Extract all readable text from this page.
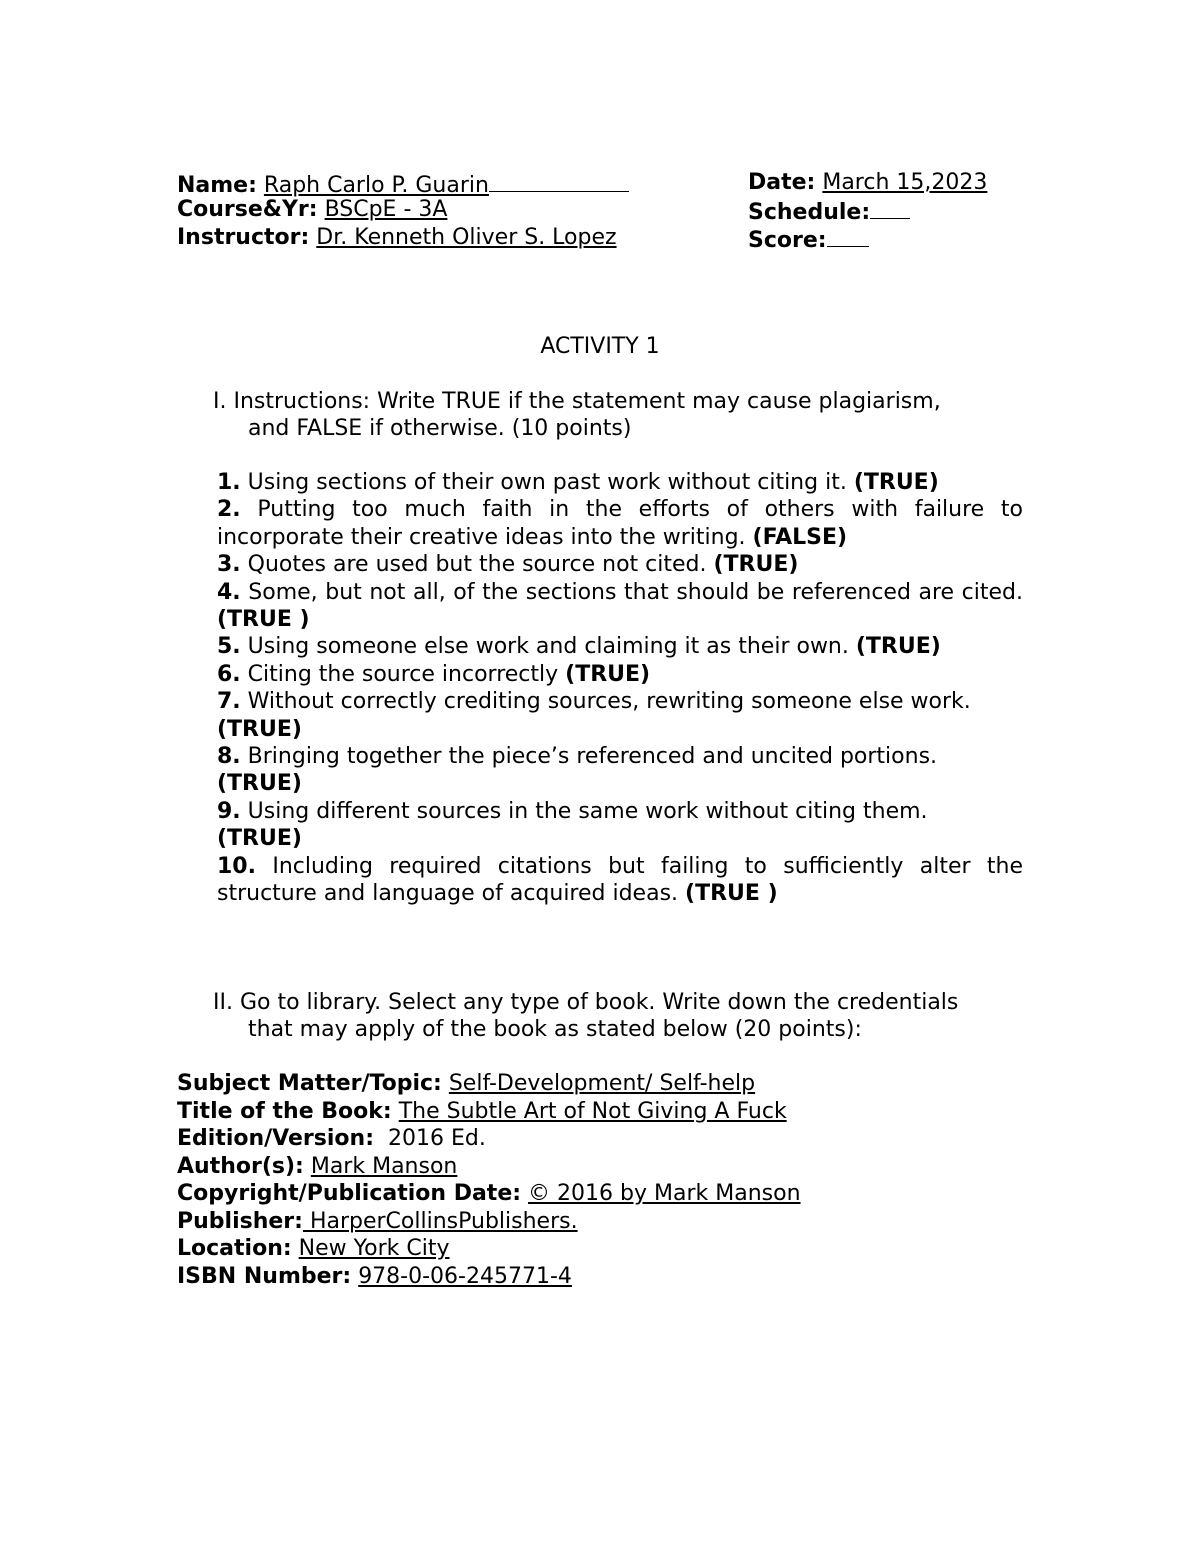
Name: Raph Carlo P. Guarin	Date: March 15,2023
Course&Yr: BSCpE - 3A	Schedule:
Instructor: Dr. Kenneth Oliver S. Lopez	Score:
ACTIVITY 1
I. Instructions: Write TRUE if the statement may cause plagiarism,
and FALSE if otherwise. (10 points)
1. Using sections of their own past work without citing it. (TRUE)
2. Putting too much faith in the efforts of others with failure to incorporate their creative ideas into the writing. (FALSE)
3. Quotes are used but the source not cited. (TRUE)
4. Some, but not all, of the sections that should be referenced are cited. (TRUE )
5. Using someone else work and claiming it as their own. (TRUE)
6. Citing the source incorrectly (TRUE)
7. Without correctly crediting sources, rewriting someone else work.
(TRUE)
8. Bringing together the piece’s referenced and uncited portions.
(TRUE)
9. Using different sources in the same work without citing them.
(TRUE)
10. Including required citations but failing to sufficiently alter the structure and language of acquired ideas. (TRUE )
II. Go to library. Select any type of book. Write down the credentials
that may apply of the book as stated below (20 points):
Subject Matter/Topic: Self-Development/ Self-help
Title of the Book: The Subtle Art of Not Giving A Fuck
Edition/Version: 2016 Ed.
Author(s): Mark Manson
Copyright/Publication Date: © 2016 by Mark Manson
Publisher: HarperCollinsPublishers.
Location: New York City
ISBN Number: 978-0-06-245771-4
